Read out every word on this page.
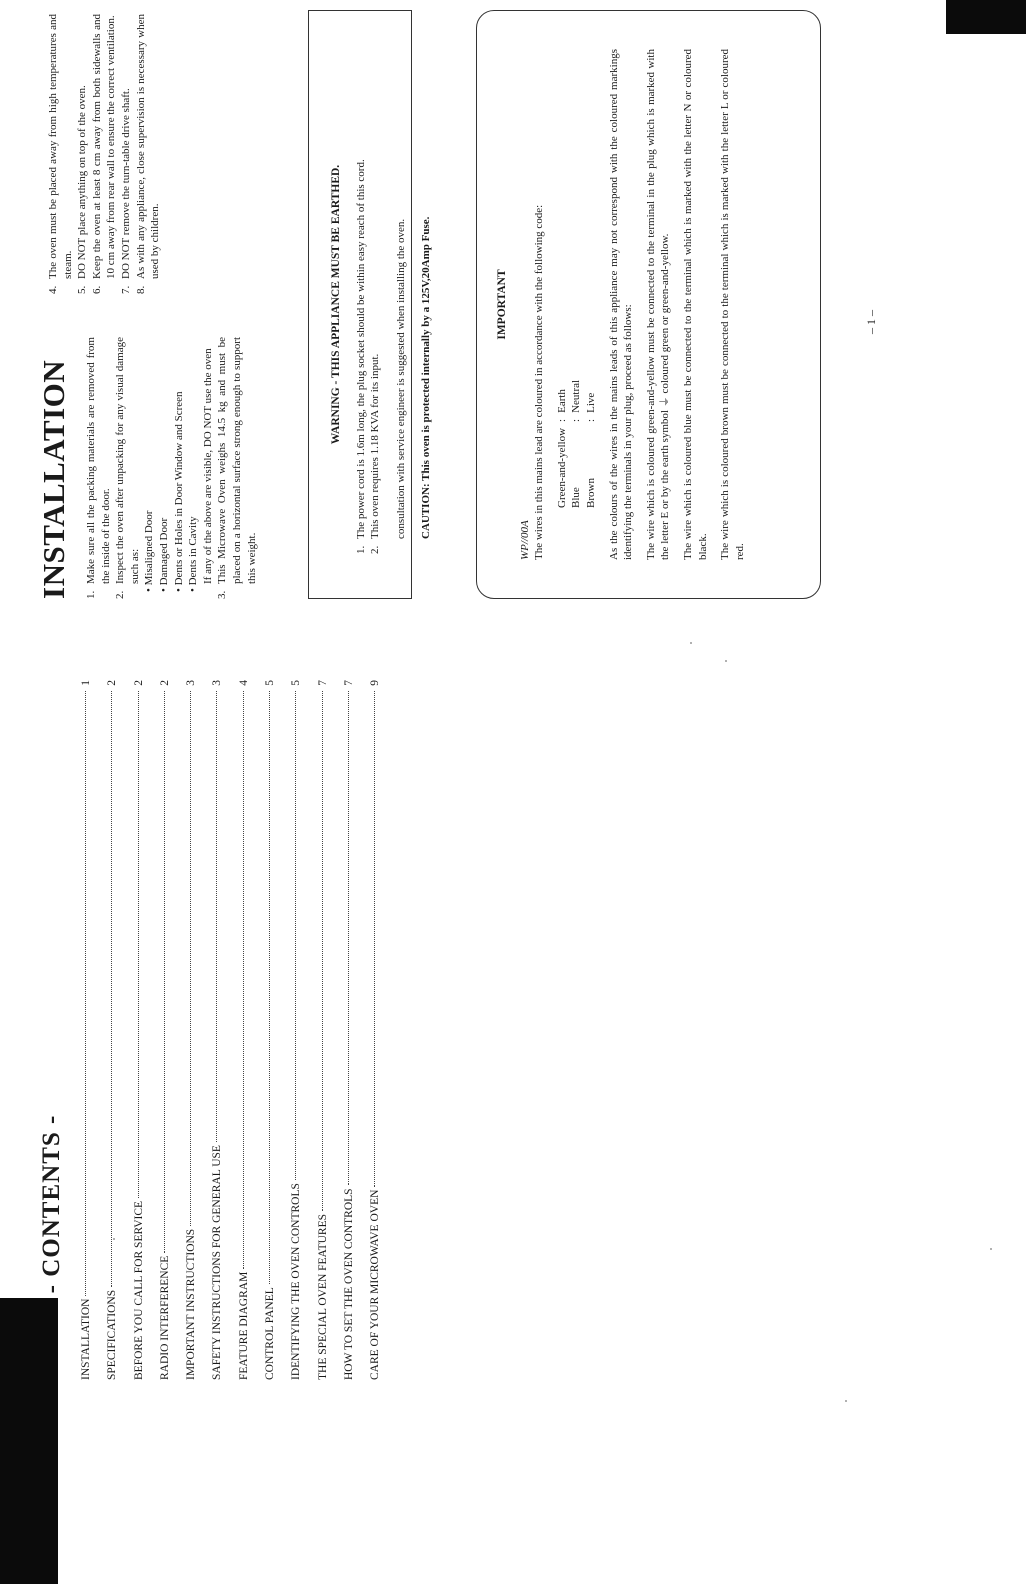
- CONTENTS -
INSTALLATION
1
SPECIFICATIONS
2
BEFORE YOU CALL FOR SERVICE
2
RADIO INTERFERENCE
2
IMPORTANT INSTRUCTIONS
3
SAFETY INSTRUCTIONS FOR GENERAL USE
3
FEATURE DIAGRAM
4
CONTROL PANEL
5
IDENTIFYING THE OVEN CONTROLS
5
THE SPECIAL OVEN FEATURES
7
HOW TO SET THE OVEN CONTROLS
7
CARE OF YOUR MICROWAVE OVEN
9
INSTALLATION 1.
Make sure all the packing materials are removed from the inside of the door.
2.
Inspect the oven after unpacking for any visual damage such as: • Misaligned Door • Damaged Door • Dents or Holes in Door Window and Screen • Dents in Cavity If any of the above are visible, DO NOT use the oven

3.
This Microwave Oven weighs 14.5 kg and must be placed on a horizontal surface strong enough to support this weight.
4.
The oven must be placed away from high temperatures and steam.
5.
DO NOT place anything on top of the oven.
6.
Keep the oven at least 8 cm away from both sidewalls and 10 cm away from rear wall to ensure the correct ventilation.
7.
DO NOT remove the turn-table drive shaft.
8.
As with any appliance, close supervision is necessary when used by children.	WARNING - THIS APPLIANCE MUST BE EARTHED.
1.
The power cord is 1.6m long, the plug socket should be within easy reach of this cord.
2.
This oven requires 1.18 KVA for its input. consultation with service engineer is suggested when installing the oven. CAUTION: This oven is protected internally by a 125V,20Amp Fuse.	IMPORTANT

WP//00A The wires in this mains lead are coloured in accordance with the following code: Green-and-yellow	:	Earth
Blue	:	Neutral
Brown	:	Live As the colours of the wires in the mains leads of this appliance may not correspond with the coloured markings identifying the terminals in your plug, proceed as follows: The wire which is coloured green-and-yellow must be connected to the terminal in the plug which is marked with the letter E or by the earth symbol ⏚ coloured green or green-and-yellow. The wire which is coloured blue must be connected to the terminal which is marked with the letter N or coloured black. The wire which is coloured brown must be connected to the terminal which is marked with the letter L or coloured red.

– 1 –
